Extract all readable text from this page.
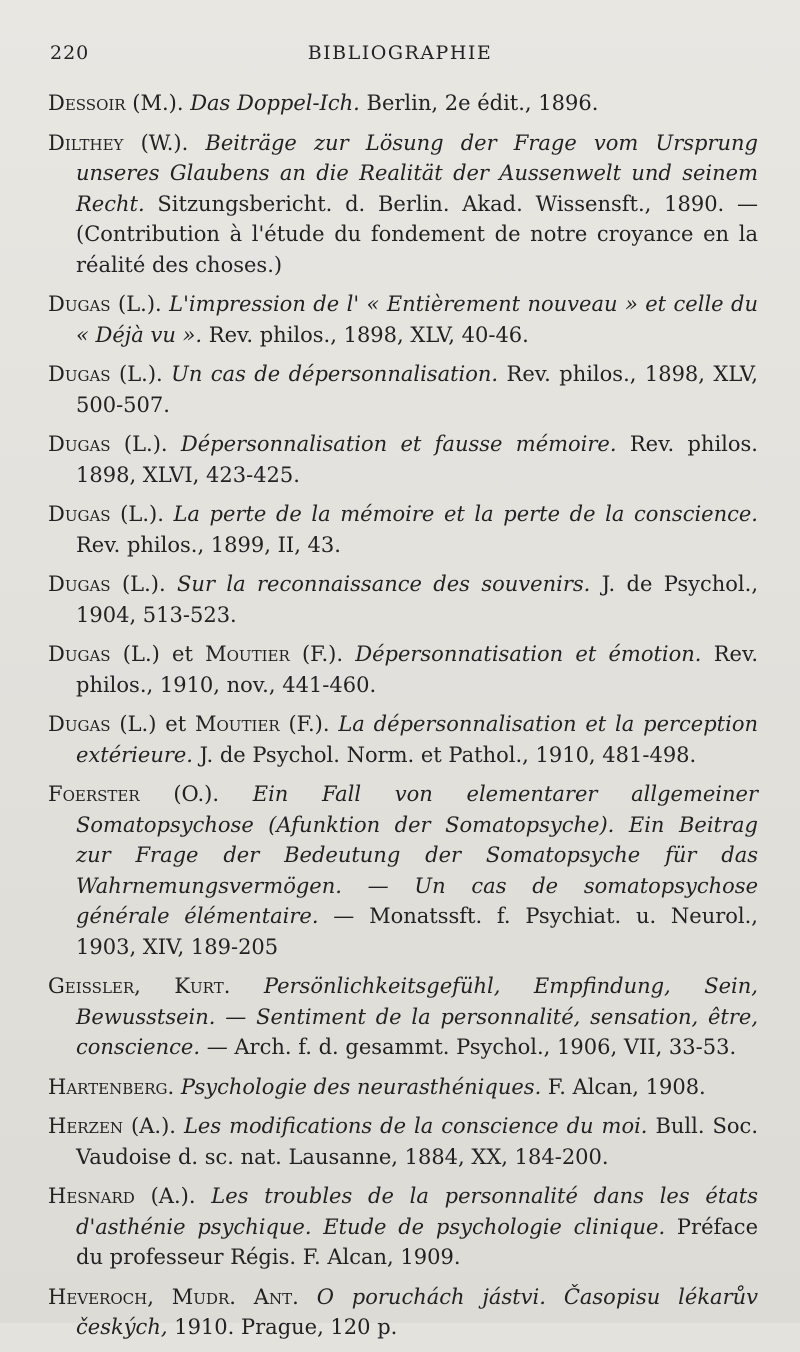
220	BIBLIOGRAPHIE

Dessoir (M.). Das Doppel-Ich. Berlin, 2e édit., 1896.

Dilthey (W.). Beiträge zur Lösung der Frage vom Ursprung unseres Glaubens an die Realität der Aussenwelt und seinem Recht. Sitzungsbericht. d. Berlin. Akad. Wissensft., 1890. — (Contribution à l'étude du fondement de notre croyance en la réalité des choses.)

Dugas (L.). L'impression de l' « Entièrement nouveau » et celle du « Déjà vu ». Rev. philos., 1898, XLV, 40-46.

Dugas (L.). Un cas de dépersonnalisation. Rev. philos., 1898, XLV, 500-507.

Dugas (L.). Dépersonnalisation et fausse mémoire. Rev. philos. 1898, XLVI, 423-425.

Dugas (L.). La perte de la mémoire et la perte de la conscience. Rev. philos., 1899, II, 43.

Dugas (L.). Sur la reconnaissance des souvenirs. J. de Psychol., 1904, 513-523.

Dugas (L.) et Moutier (F.). Dépersonnatisation et émotion. Rev. philos., 1910, nov., 441-460.

Dugas (L.) et Moutier (F.). La dépersonnalisation et la perception extérieure. J. de Psychol. Norm. et Pathol., 1910, 481-498.

Foerster (O.). Ein Fall von elementarer allgemeiner Somatopsychose (Afunktion der Somatopsyche). Ein Beitrag zur Frage der Bedeutung der Somatopsyche für das Wahrnemungsvermögen. — Un cas de somatopsychose générale élémentaire. — Monatssft. f. Psychiat. u. Neurol., 1903, XIV, 189-205

Geissler, Kurt. Persönlichkeitsgefühl, Empfindung, Sein, Bewusstsein. — Sentiment de la personnalité, sensation, être, conscience. — Arch. f. d. gesammt. Psychol., 1906, VII, 33-53.

Hartenberg. Psychologie des neurasthéniques. F. Alcan, 1908.

Herzen (A.). Les modifications de la conscience du moi. Bull. Soc. Vaudoise d. sc. nat. Lausanne, 1884, XX, 184-200.

Hesnard (A.). Les troubles de la personnalité dans les états d'asthénie psychique. Etude de psychologie clinique. Préface du professeur Régis. F. Alcan, 1909.

Heveroch, Mudr. Ant. O poruchách jástvi. Časopisu lékarův českých, 1910. Prague, 120 p.
